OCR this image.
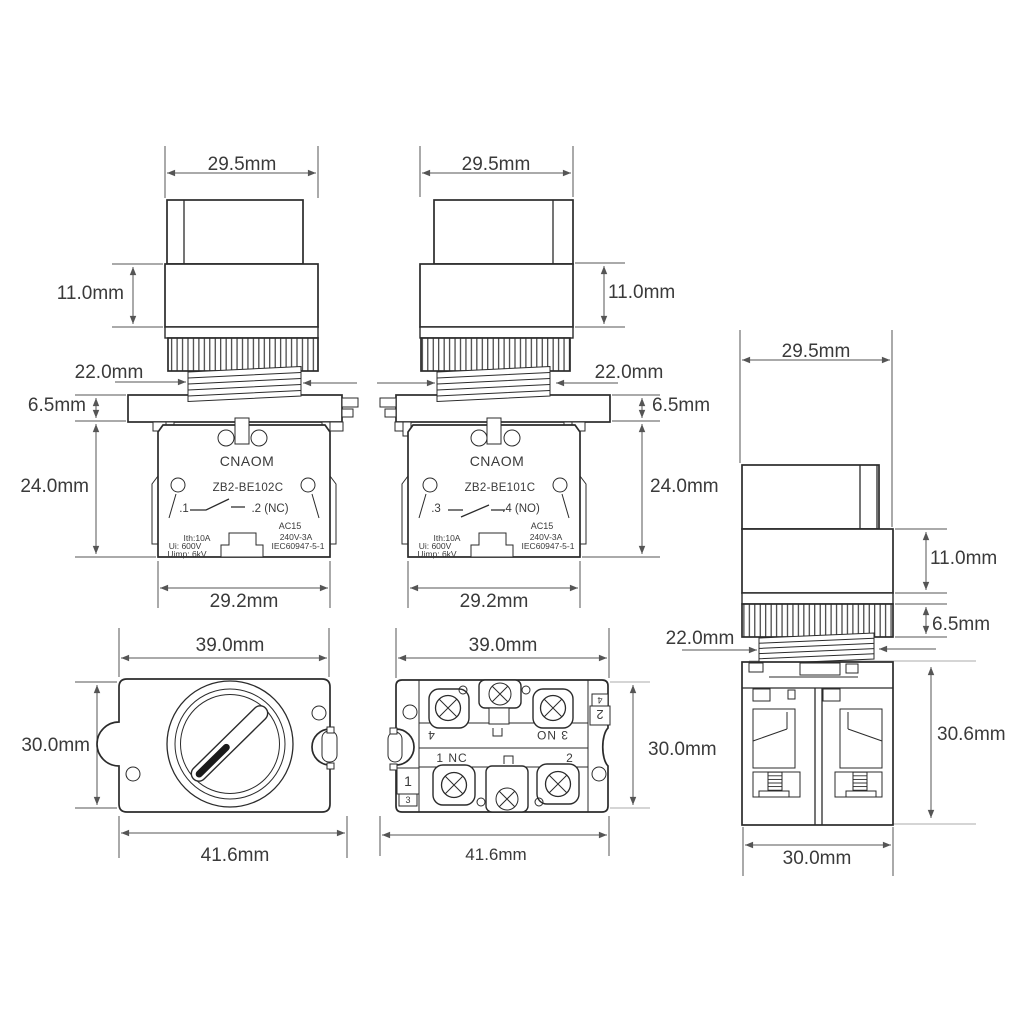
29.5mm
11.0mm
22.0mm
6.5mm
24.0mm
29.2mm
CNAOM
ZB2-BE102C
.1	.2 (NC)
AC15
Ith:10A
Ui: 600V
Uimp: 6kV
240V-3A
IEC60947-5-1
29.5mm
11.0mm
22.0mm
6.5mm
24.0mm
29.2mm
CNAOM
ZB2-BE101C
.3	.4 (NO)
AC15
Ith:10A
Ui: 600V
Uimp: 6kV
240V-3A
IEC60947-5-1
29.5mm
11.0mm
6.5mm
22.0mm
30.6mm
30.0mm
39.0mm
30.0mm
41.6mm
1 NC	2
4	3 NO
1
3
4
2
39.0mm
30.0mm
41.6mm
